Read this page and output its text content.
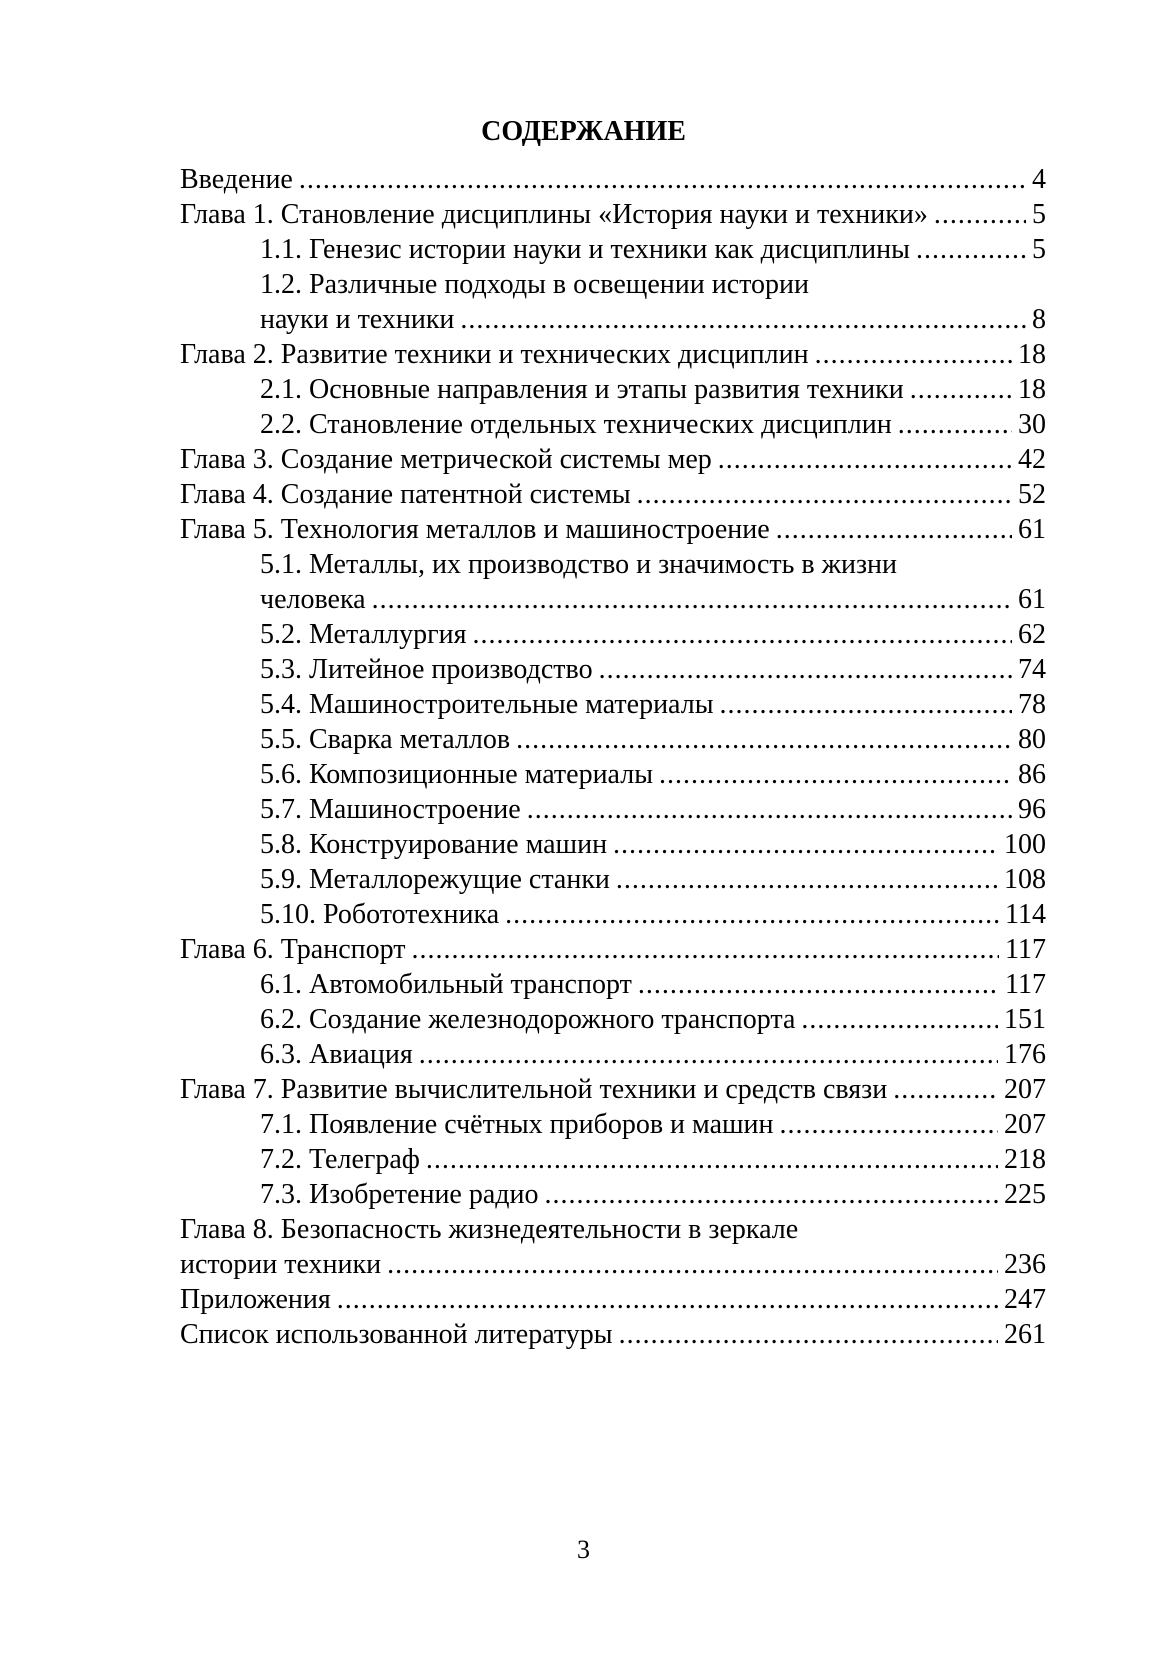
СОДЕРЖАНИЕ
Введение .....	4
Глава 1. Становление дисциплины «История науки и техники» .....	5
1.1. Генезис истории науки и техники как дисциплины .....	5
1.2. Различные подходы в освещении истории
науки и техники .....	8
Глава 2. Развитие техники и технических дисциплин .....	18
2.1. Основные направления и этапы развития техники .....	18
2.2. Становление отдельных технических дисциплин .....	30
Глава 3. Создание метрической системы мер .....	42
Глава 4. Создание патентной системы .....	52
Глава 5. Технология металлов и машиностроение .....	61
5.1. Металлы, их производство и значимость в жизни
человека .....	61
5.2. Металлургия .....	62
5.3. Литейное производство .....	74
5.4. Машиностроительные материалы .....	78
5.5. Сварка металлов .....	80
5.6. Композиционные материалы .....	86
5.7. Машиностроение .....	96
5.8. Конструирование машин .....	100
5.9. Металлорежущие станки .....	108
5.10. Робототехника .....	114
Глава 6. Транспорт .....	117
6.1. Автомобильный транспорт .....	117
6.2. Создание железнодорожного транспорта .....	151
6.3. Авиация .....	176
Глава 7. Развитие вычислительной техники и средств связи .....	207
7.1. Появление счётных приборов и машин .....	207
7.2. Телеграф .....	218
7.3. Изобретение радио .....	225
Глава 8. Безопасность жизнедеятельности в зеркале
истории техники .....	236
Приложения .....	247
Список использованной литературы .....	261

3
